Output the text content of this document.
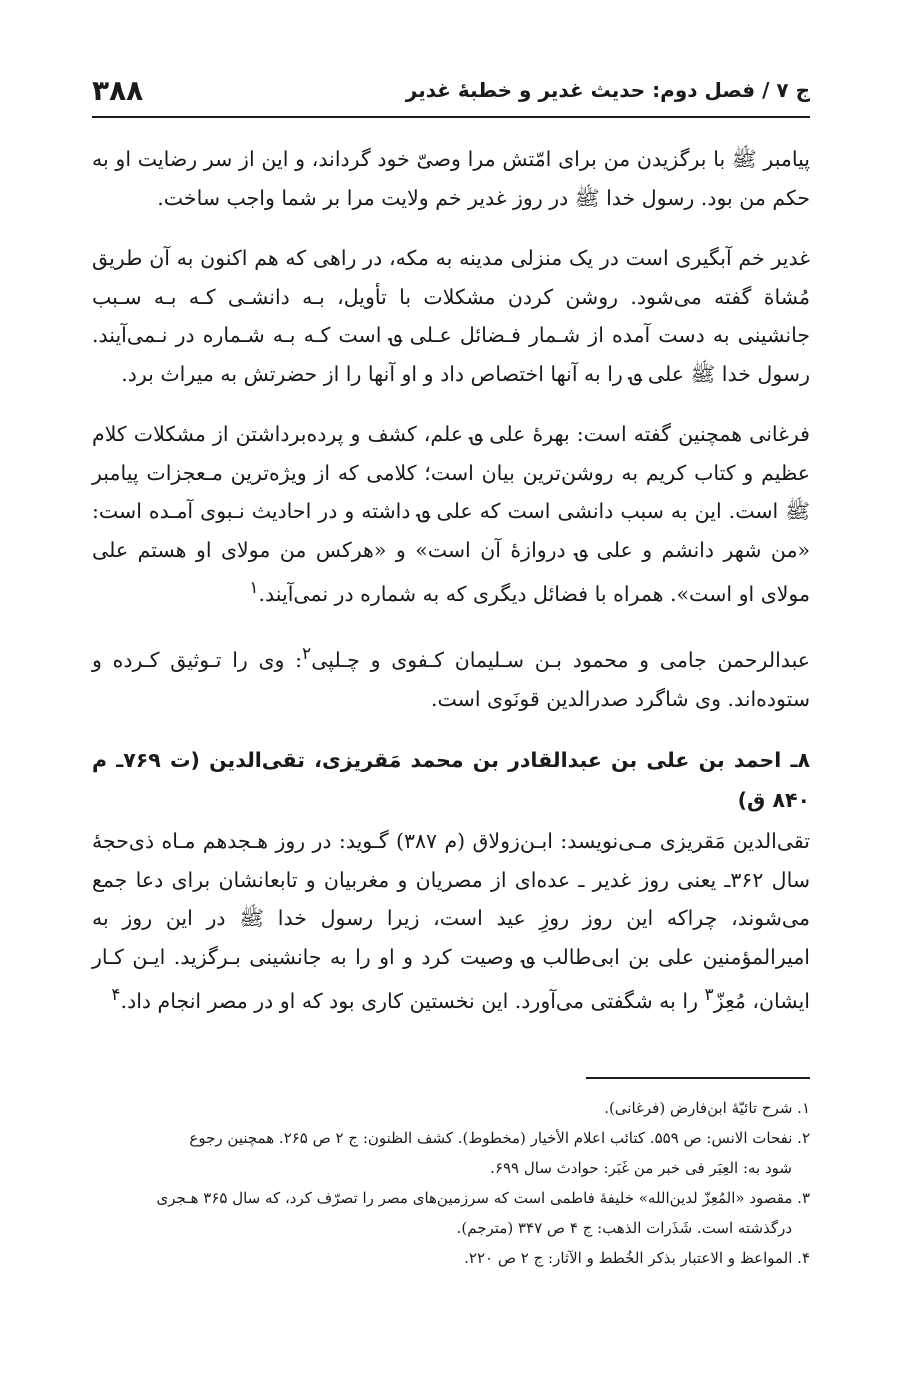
ج ۷ / فصل دوم: حدیث غدیر و خطبهٔ غدیر
۳۸۸

پیامبر ﷺ با برگزیدن من برای امّتش مرا وصیّ خود گرداند، و این از سر رضایت او به حکم من بود. رسول خدا ﷺ در روز غدیر خم ولایت مرا بر شما واجب ساخت.

غدیر خم آبگیری است در یک منزلی مدینه به مکه، در راهی که هم اکنون به آن طریق مُشاة گفته می‌شود. روشن کردن مشکلات با تأویل، بـه دانشـی کـه بـه سـبب جانشینی به دست آمده از شـمار فـضائل عـلی ؈ است کـه بـه شـماره در نـمی‌آیند. رسول خدا ﷺ علی ؈ را به آنها اختصاص داد و او آنها را از حضرتش به میراث برد.

فرغانی همچنین گفته است: بهرهٔ علی ؈ علم، کشف و پرده‌برداشتن از مشکلات کلام عظیم و کتاب کریم به روشن‌ترین بیان است؛ کلامی که از ویژه‌ترین مـعجزات پیامبر ﷺ است. این به سبب دانشی است که علی ؈ داشته و در احادیث نـبوی آمـده است: «من شهر دانشم و علی ؈ دروازهٔ آن است» و «هرکس من مولای او هستم علی مولای او است». همراه با فضائل دیگری که به شماره در نمی‌آیند.$^۱$

عبدالرحمن جامی و محمود بـن سـلیمان کـفوی و چـلپی$^۲$: وی را تـوثیق کـرده و ستوده‌اند. وی شاگرد صدرالدین قونَوی است.

۸ـ احمد بن علی بن عبدالقادر بن محمد مَقریزی، تقی‌الدین (ت ۷۶۹ـ م ۸۴۰ ق)

تقی‌الدین مَقریزی مـی‌نویسد: ابـن‌زولاق (م ۳۸۷) گـوید: در روز هـجدهم مـاه ذی‌حجهٔ سال ۳۶۲ـ یعنی روز غدیر ـ عده‌ای از مصریان و مغربیان و تابعانشان برای دعا جمع می‌شوند، چراکه این روز روزِ عید است، زیرا رسول خدا ﷺ در این روز به امیرالمؤمنین علی بن ابی‌طالب ؈ وصیت کرد و او را به جانشینی بـرگزید. ایـن کـار ایشان، مُعِزّ$^۳$ را به شگفتی می‌آورد. این نخستین کاری بود که او در مصر انجام داد.$^۴$

۱. شرح تائیّهٔ ابن‌فارض (فرغانی).

۲. نفحات الانس: ص ۵۵۹. کتائب اعلام الأخیار (مخطوط). کشف الظنون: ج ۲ ص ۲۶۵. همچنین رجوع

شود به: العِبَر فی خبر من غَبَر: حوادث سال ۶۹۹.

۳. مقصود «المُعِزّ لدین‌الله» خلیفهٔ فاطمی است که سرزمین‌های مصر را تصرّف کرد، که سال ۳۶۵ هـجری

درگذشته است. شَذَرات الذهب: ج ۴ ص ۳۴۷ (مترجم).

۴. المواعظ و الاعتبار بذکر الخُطط و الآثار: ج ۲ ص ۲۲۰.
